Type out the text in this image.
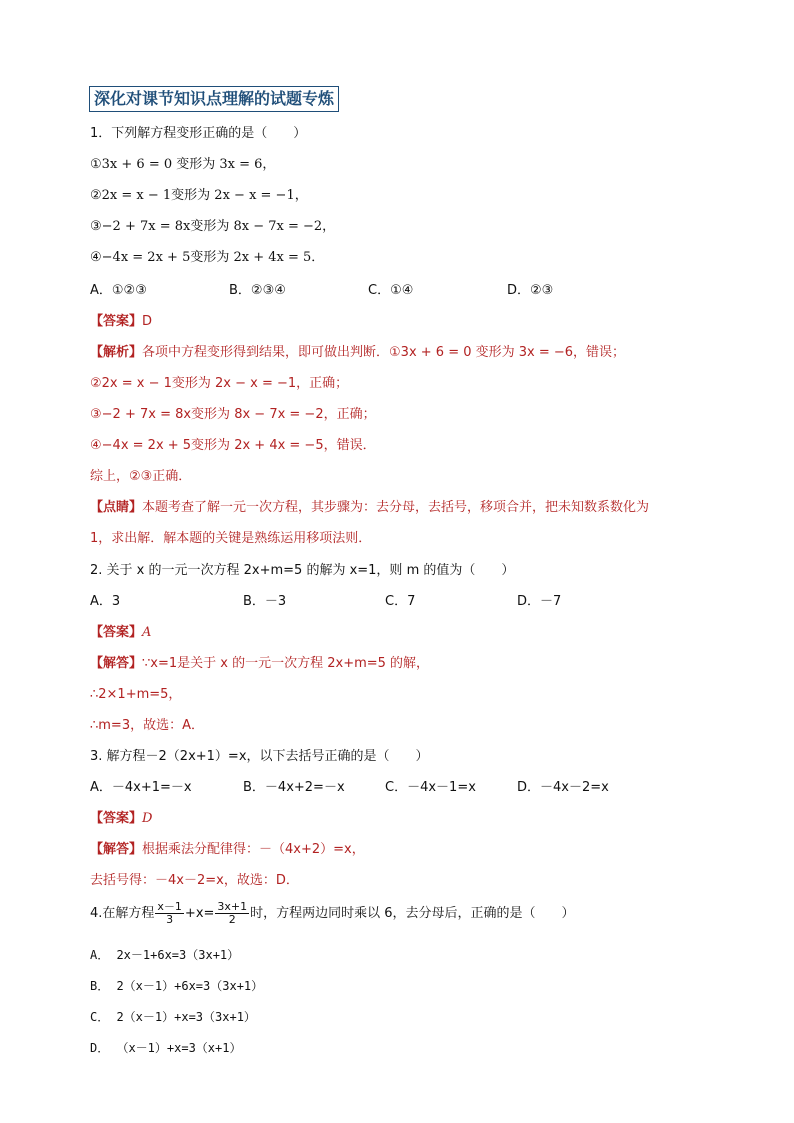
深化对课节知识点理解的试题专炼
1．下列解方程变形正确的是（　　）
①3x + 6 = 0 变形为 3x = 6，
②2x = x − 1变形为 2x − x = −1，
③−2 + 7x = 8x变形为 8x − 7x = −2，
④−4x = 2x + 5变形为 2x + 4x = 5．
A．①②③	B．②③④	C．①④	D．②③
【答案】D
【解析】各项中方程变形得到结果，即可做出判断．①3x + 6 = 0 变形为 3x = −6，错误；
②2x = x − 1变形为 2x − x = −1，正确；
③−2 + 7x = 8x变形为 8x − 7x = −2，正确；
④−4x = 2x + 5变形为 2x + 4x = −5，错误．
综上，②③正确．
【点睛】本题考查了解一元一次方程，其步骤为：去分母，去括号，移项合并，把未知数系数化为
1，求出解．解本题的关键是熟练运用移项法则．
2. 关于 x 的一元一次方程 2x+m=5 的解为 x=1，则 m 的值为（　　）
A．3	B．－3	C．7	D．－7
【答案】A
【解答】∵x=1是关于 x 的一元一次方程 2x+m=5 的解，
∴2×1+m=5，
∴m=3，故选：A．
3. 解方程－2（2x+1）=x，以下去括号正确的是（　　）
A．－4x+1=－x	B．－4x+2=－x	C．－4x－1=x	D．－4x－2=x
【答案】D
【解答】根据乘法分配律得：－（4x+2）=x，
去括号得：－4x－2=x，故选：D．
4.在解方程 $\frac{x-1}{3} +x= \frac{3x+1}{2}$ 时，方程两边同时乘以 6，去分母后，正确的是（　　）
A． 2x－1+6x=3（3x+1）
B． 2（x－1）+6x=3（3x+1）
C． 2（x－1）+x=3（3x+1）
D． （x－1）+x=3（x+1）
